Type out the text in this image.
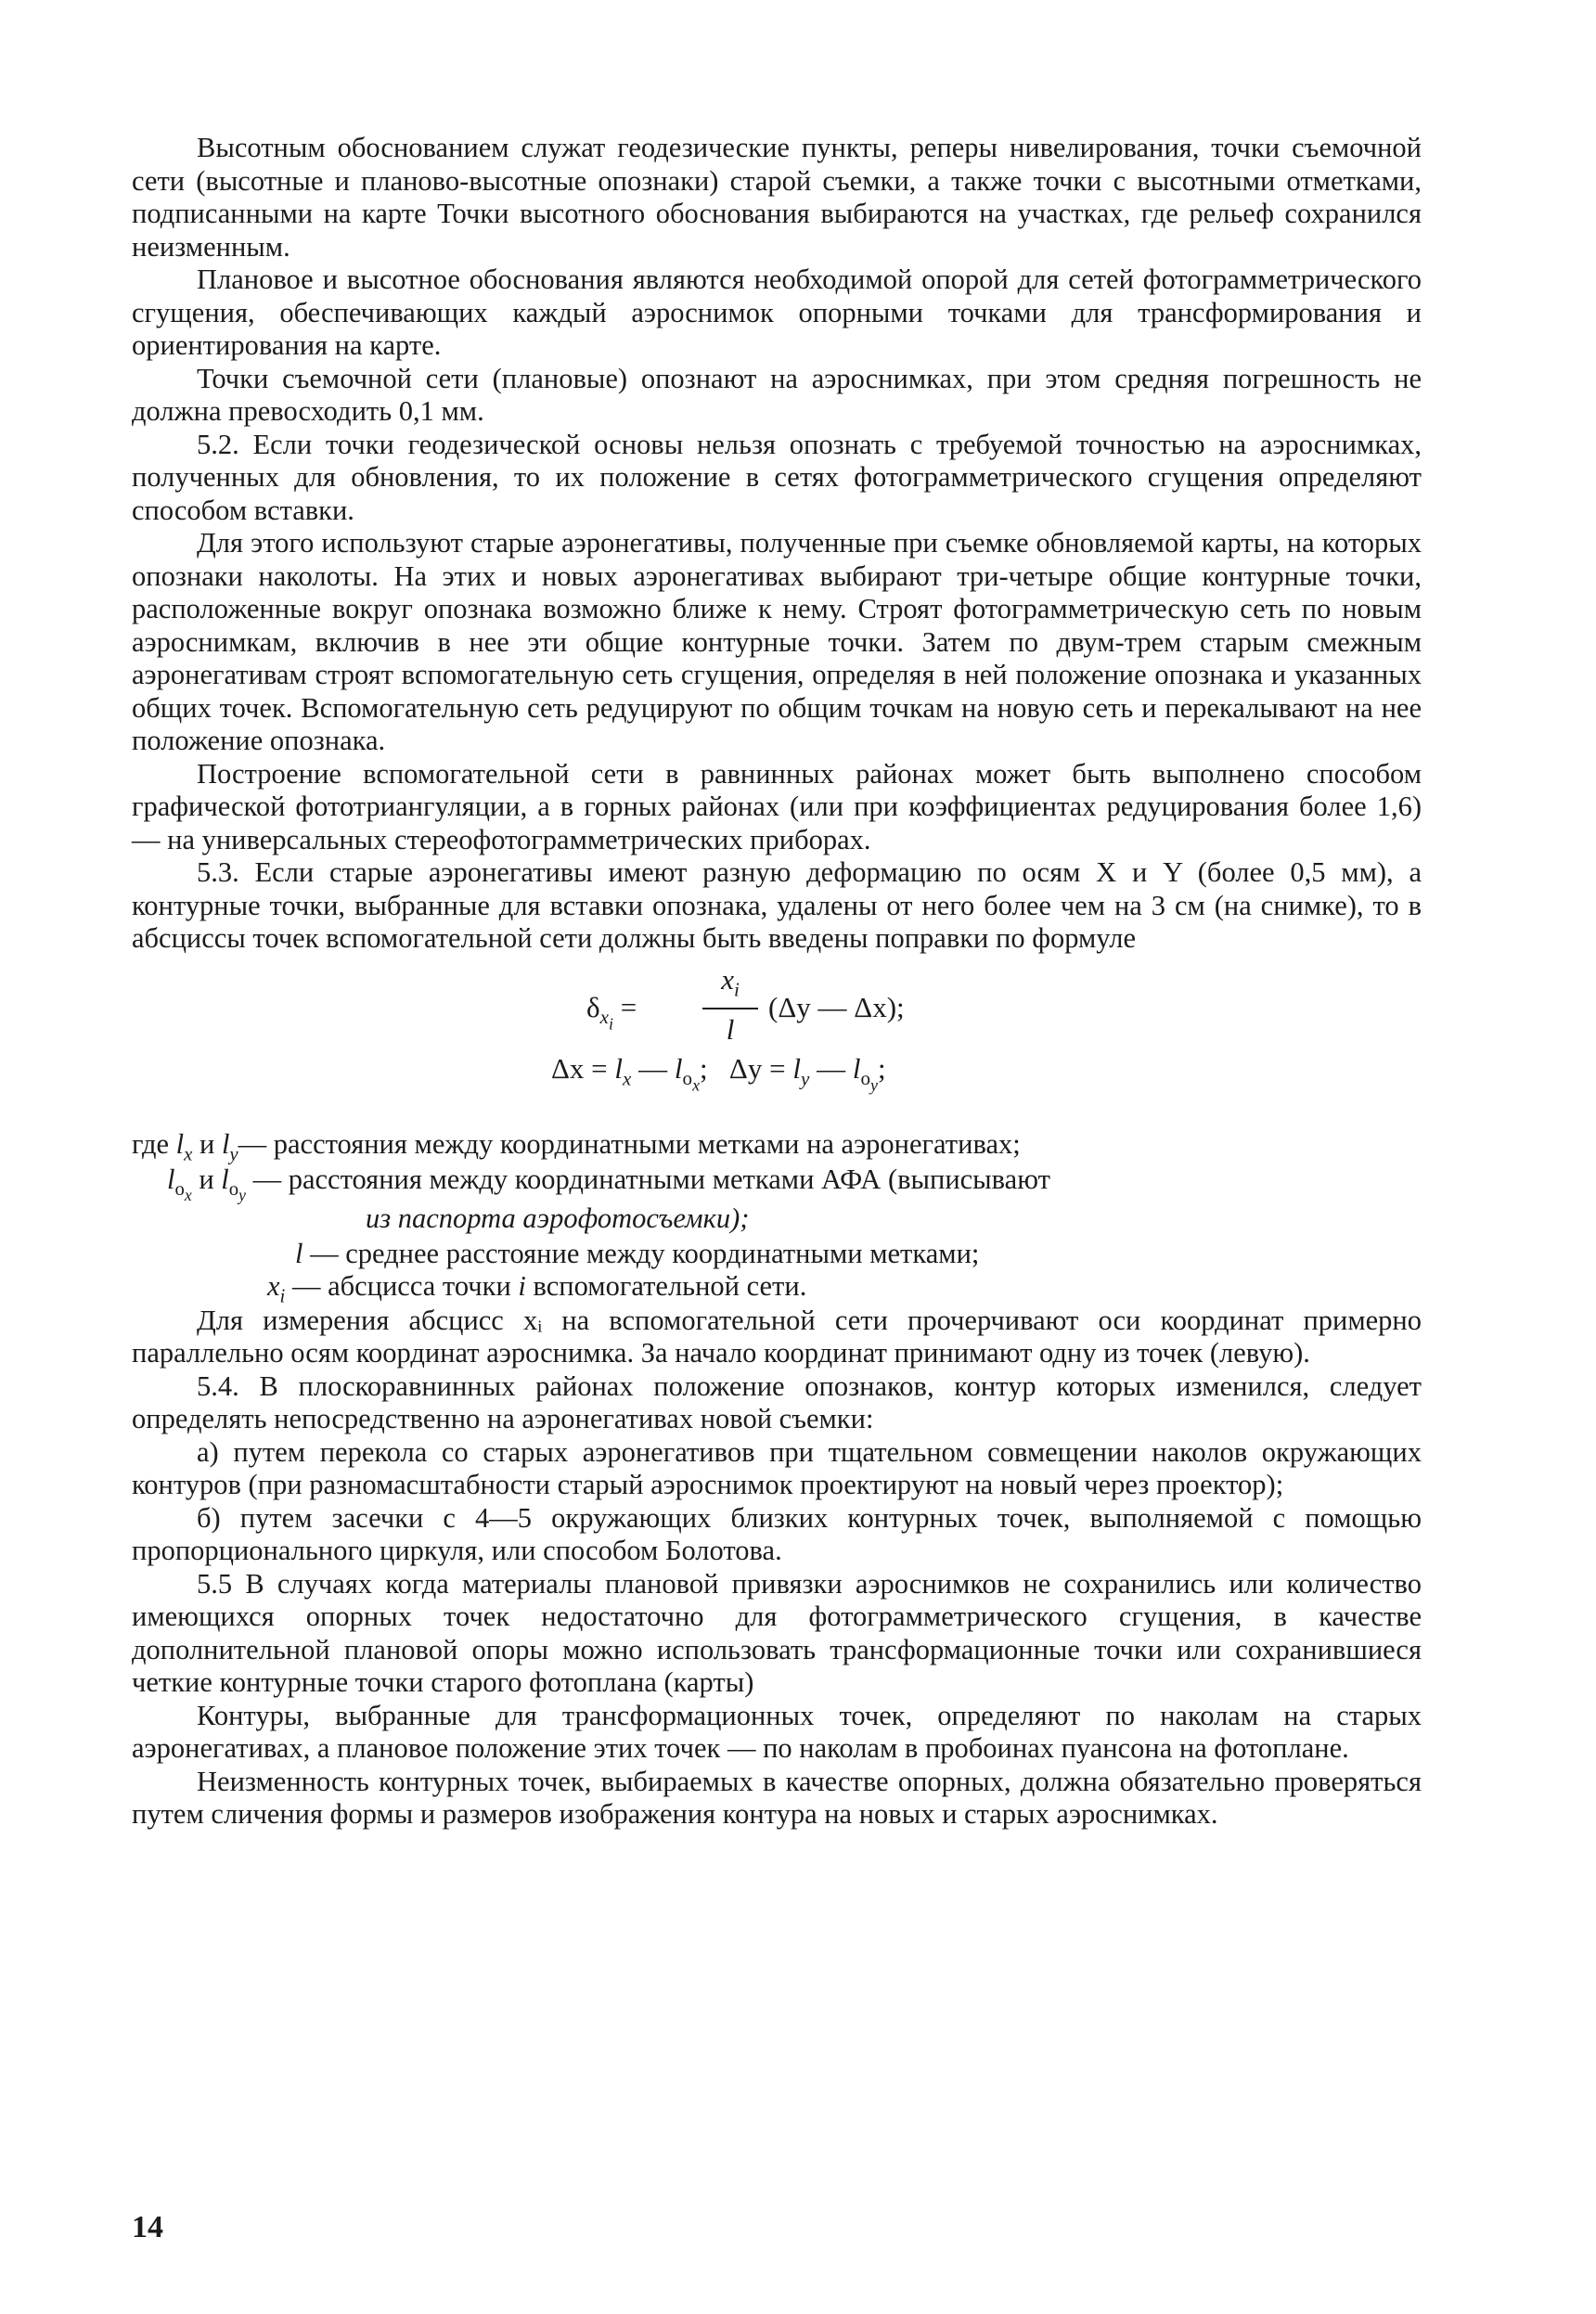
Высотным обоснованием служат геодезические пункты, реперы нивелирования, точки съемочной сети (высотные и планово-высотные опознаки) старой съемки, а также точки с высотными отметками, подписанными на карте Точки высотного обоснования выбираются на участках, где рельеф сохранился неизменным.

Плановое и высотное обоснования являются необходимой опорой для сетей фотограмметрического сгущения, обеспечивающих каждый аэроснимок опорными точками для трансформирования и ориентирования на карте.

Точки съемочной сети (плановые) опознают на аэроснимках, при этом средняя погрешность не должна превосходить 0,1 мм.

5.2. Если точки геодезической основы нельзя опознать с требуемой точностью на аэроснимках, полученных для обновления, то их положение в сетях фотограмметрического сгущения определяют способом вставки.

Для этого используют старые аэронегативы, полученные при съемке обновляемой карты, на которых опознаки наколоты. На этих и новых аэронегативах выбирают три-четыре общие контурные точки, расположенные вокруг опознака возможно ближе к нему. Строят фотограмметрическую сеть по новым аэроснимкам, включив в нее эти общие контурные точки. Затем по двум-трем старым смежным аэронегативам строят вспомогательную сеть сгущения, определяя в ней положение опознака и указанных общих точек. Вспомогательную сеть редуцируют по общим точкам на новую сеть и перекалывают на нее положение опознака.

Построение вспомогательной сети в равнинных районах может быть выполнено способом графической фототриангуляции, а в горных районах (или при коэффициентах редуцирования более 1,6) — на универсальных стереофотограмметрических приборах.

5.3. Если старые аэронегативы имеют разную деформацию по осям X и Y (более 0,5 мм), а контурные точки, выбранные для вставки опознака, удалены от него более чем на 3 см (на снимке), то в абсциссы точек вспомогательной сети должны быть введены поправки по формуле

$\delta_{x_i}$ =
$x_i$
l
(Δy — Δx);
$\Delta x = l_x$ — $l_{o_x}$; $\Delta y = l_y$ — $l_{o_y}$;
где $l_x$ и $l_y—$ расстояния между координатными метками на аэронегативах;
$l_{o_x}$ и $l_{o_y}$ — расстояния между координатными метками АФА (выписывают
из паспорта аэрофотосъемки);
l — среднее расстояние между координатными метками;
$x_i$ — абсцисса точки i вспомогательной сети.

Для измерения абсцисс xᵢ на вспомогательной сети прочерчивают оси координат примерно параллельно осям координат аэроснимка. За начало координат принимают одну из точек (левую).

5.4. В плоскоравнинных районах положение опознаков, контур которых изменился, следует определять непосредственно на аэронегативах новой съемки:

а) путем перекола со старых аэронегативов при тщательном совмещении наколов окружающих контуров (при разномасштабности старый аэроснимок проектируют на новый через проектор);

б) путем засечки с 4—5 окружающих близких контурных точек, выполняемой с помощью пропорционального циркуля, или способом Болотова.

5.5 В случаях когда материалы плановой привязки аэроснимков не сохранились или количество имеющихся опорных точек недостаточно для фотограмметрического сгущения, в качестве дополнительной плановой опоры можно использовать трансформационные точки или сохранившиеся четкие контурные точки старого фотоплана (карты)

Контуры, выбранные для трансформационных точек, определяют по наколам на старых аэронегативах, а плановое положение этих точек — по наколам в пробоинах пуансона на фотоплане.

Неизменность контурных точек, выбираемых в качестве опорных, должна обязательно проверяться путем сличения формы и размеров изображения контура на новых и старых аэроснимках.

14
